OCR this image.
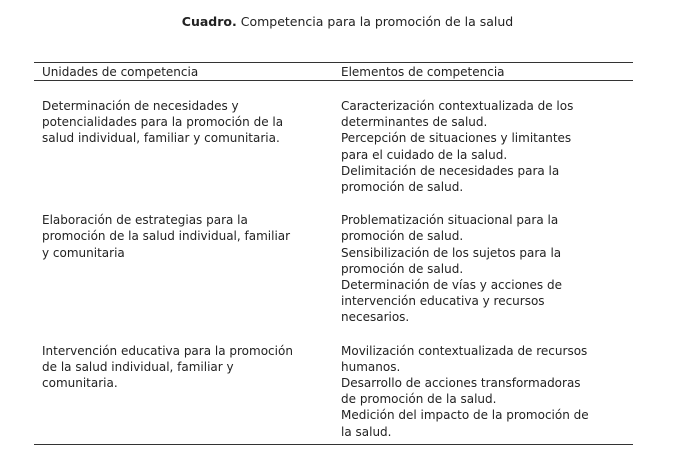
Cuadro. Competencia para la promoción de la salud
Unidades de competencia	Elementos de competencia
Determinación de necesidades y
potencialidades para la promoción de la
salud individual, familiar y comunitaria.
Caracterización contextualizada de los
determinantes de salud.
Percepción de situaciones y limitantes
para el cuidado de la salud.
Delimitación de necesidades para la
promoción de salud.
Elaboración de estrategias para la
promoción de la salud individual, familiar
y comunitaria
Problematización situacional para la
promoción de salud.
Sensibilización de los sujetos para la
promoción de salud.
Determinación de vías y acciones de
intervención educativa y recursos
necesarios.
Intervención educativa para la promoción
de la salud individual, familiar y
comunitaria.
Movilización contextualizada de recursos
humanos.
Desarrollo de acciones transformadoras
de promoción de la salud.
Medición del impacto de la promoción de
la salud.
